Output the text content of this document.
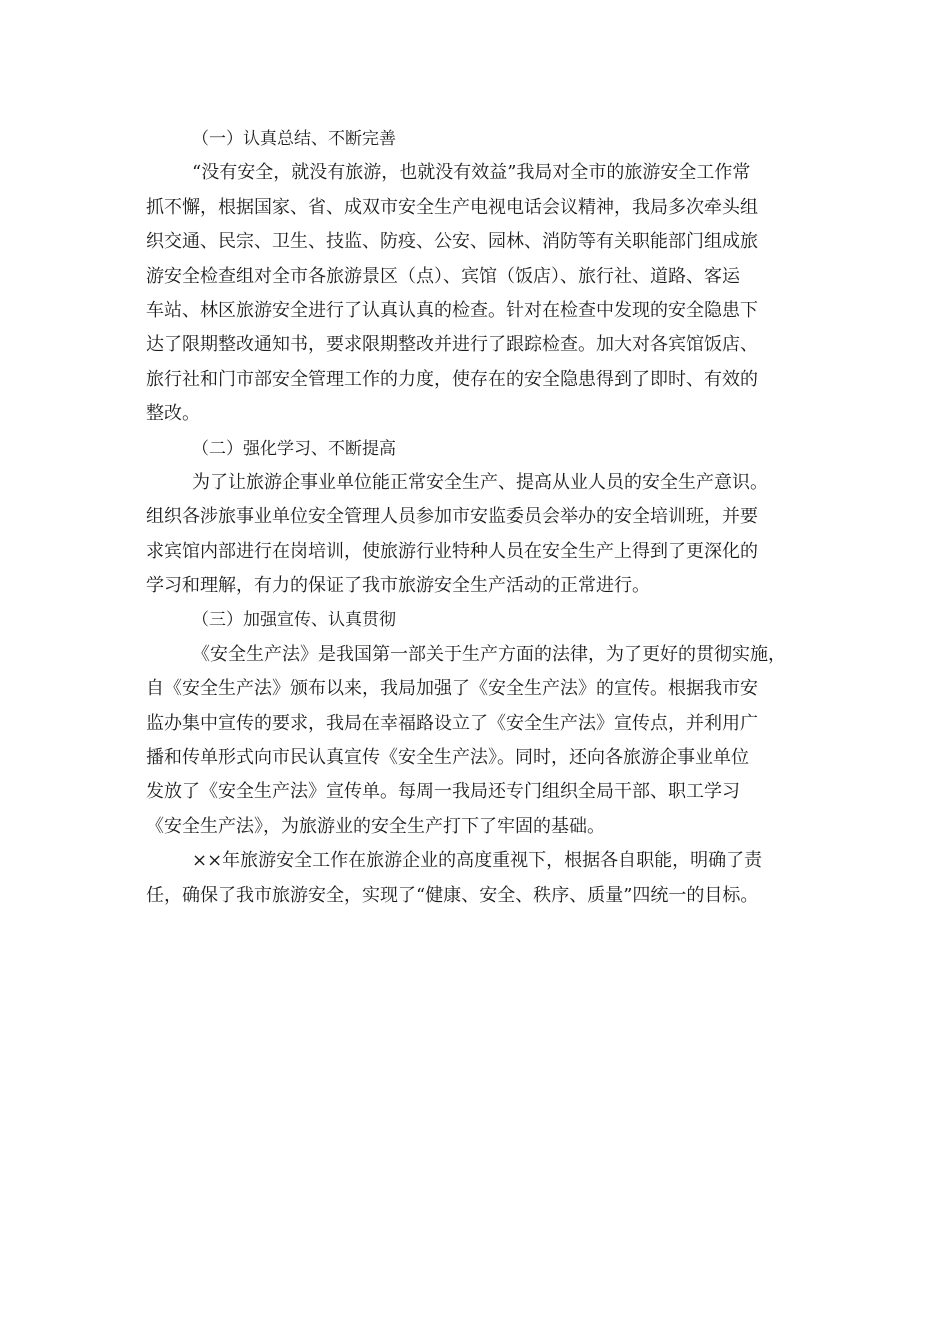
（一）认真总结、不断完善
“没有安全，就没有旅游，也就没有效益”我局对全市的旅游安全工作常
抓不懈，根据国家、省、成双市安全生产电视电话会议精神，我局多次牵头组
织交通、民宗、卫生、技监、防疫、公安、园林、消防等有关职能部门组成旅
游安全检查组对全市各旅游景区（点）、宾馆（饭店）、旅行社、道路、客运
车站、林区旅游安全进行了认真认真的检查。针对在检查中发现的安全隐患下
达了限期整改通知书，要求限期整改并进行了跟踪检查。加大对各宾馆饭店、
旅行社和门市部安全管理工作的力度，使存在的安全隐患得到了即时、有效的
整改。
（二）强化学习、不断提高
为了让旅游企事业单位能正常安全生产、提高从业人员的安全生产意识。
组织各涉旅事业单位安全管理人员参加市安监委员会举办的安全培训班，并要
求宾馆内部进行在岗培训，使旅游行业特种人员在安全生产上得到了更深化的
学习和理解，有力的保证了我市旅游安全生产活动的正常进行。
（三）加强宣传、认真贯彻
《安全生产法》是我国第一部关于生产方面的法律，为了更好的贯彻实施，
自《安全生产法》颁布以来，我局加强了《安全生产法》的宣传。根据我市安
监办集中宣传的要求，我局在幸福路设立了《安全生产法》宣传点，并利用广
播和传单形式向市民认真宣传《安全生产法》。同时，还向各旅游企事业单位
发放了《安全生产法》宣传单。每周一我局还专门组织全局干部、职工学习
《安全生产法》，为旅游业的安全生产打下了牢固的基础。
××年旅游安全工作在旅游企业的高度重视下，根据各自职能，明确了责
任，确保了我市旅游安全，实现了“健康、安全、秩序、质量”四统一的目标。
